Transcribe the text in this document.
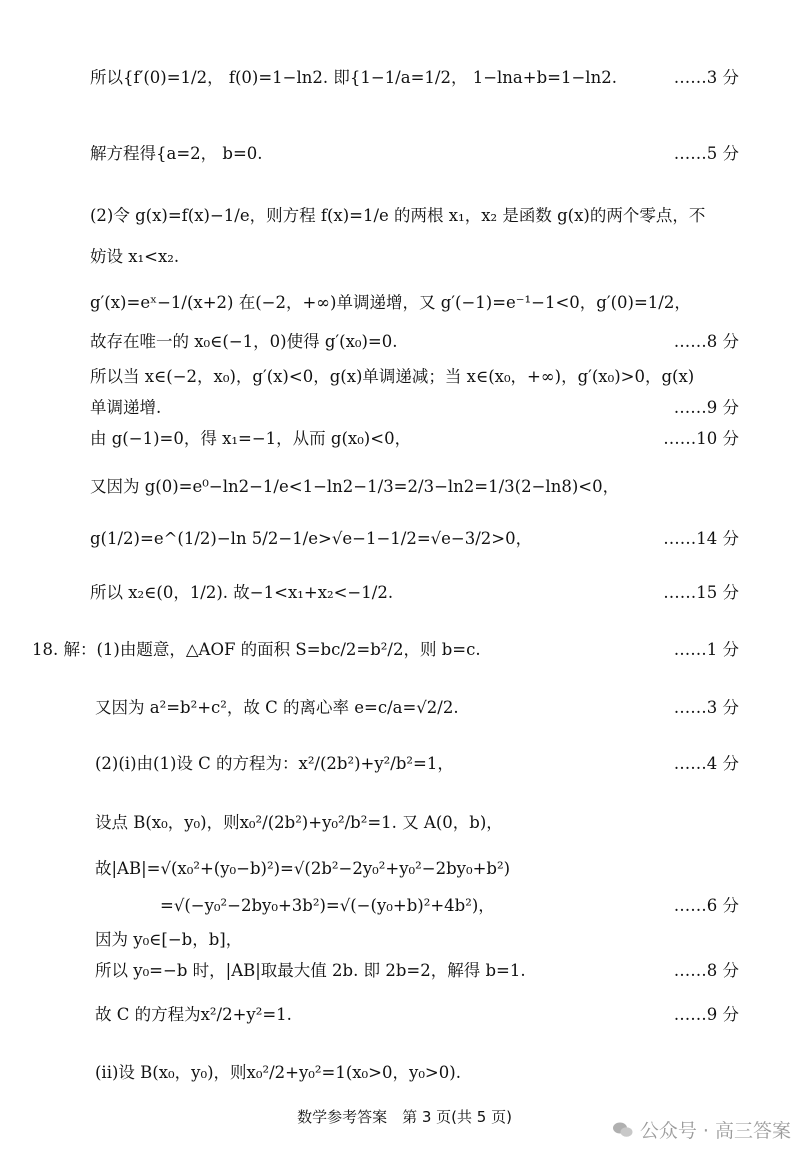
所以{f′(0)=1/2， f(0)=1−ln2. 即{1−1/a=1/2， 1−lna+b=1−ln2.	……3 分
解方程得{a=2， b=0.	……5 分
(2)令 g(x)=f(x)−1/e，则方程 f(x)=1/e 的两根 x₁，x₂ 是函数 g(x)的两个零点，不
妨设 x₁<x₂.
g′(x)=eˣ−1/(x+2) 在(−2，+∞)单调递增，又 g′(−1)=e⁻¹−1<0，g′(0)=1/2，
故存在唯一的 x₀∈(−1，0)使得 g′(x₀)=0.	……8 分
所以当 x∈(−2，x₀)，g′(x)<0，g(x)单调递减；当 x∈(x₀，+∞)，g′(x₀)>0，g(x)
单调递增.	……9 分
由 g(−1)=0，得 x₁=−1，从而 g(x₀)<0，	……10 分
又因为 g(0)=e⁰−ln2−1/e<1−ln2−1/3=2/3−ln2=1/3(2−ln8)<0，
g(1/2)=e^(1/2)−ln 5/2−1/e>√e−1−1/2=√e−3/2>0，	……14 分
所以 x₂∈(0，1/2). 故−1<x₁+x₂<−1/2.	……15 分
18. 解：(1)由题意，△AOF 的面积 S=bc/2=b²/2，则 b=c.	……1 分
又因为 a²=b²+c²，故 C 的离心率 e=c/a=√2/2.	……3 分
(2)(i)由(1)设 C 的方程为：x²/(2b²)+y²/b²=1，	……4 分
设点 B(x₀，y₀)，则x₀²/(2b²)+y₀²/b²=1. 又 A(0，b)，
故|AB|=√(x₀²+(y₀−b)²)=√(2b²−2y₀²+y₀²−2by₀+b²)
=√(−y₀²−2by₀+3b²)=√(−(y₀+b)²+4b²)，	……6 分
因为 y₀∈[−b，b]，
所以 y₀=−b 时，|AB|取最大值 2b. 即 2b=2，解得 b=1.	……8 分
故 C 的方程为x²/2+y²=1.	……9 分
(ii)设 B(x₀，y₀)，则x₀²/2+y₀²=1(x₀>0，y₀>0).
数学参考答案　第 3 页(共 5 页)
公众号 · 高三答案
